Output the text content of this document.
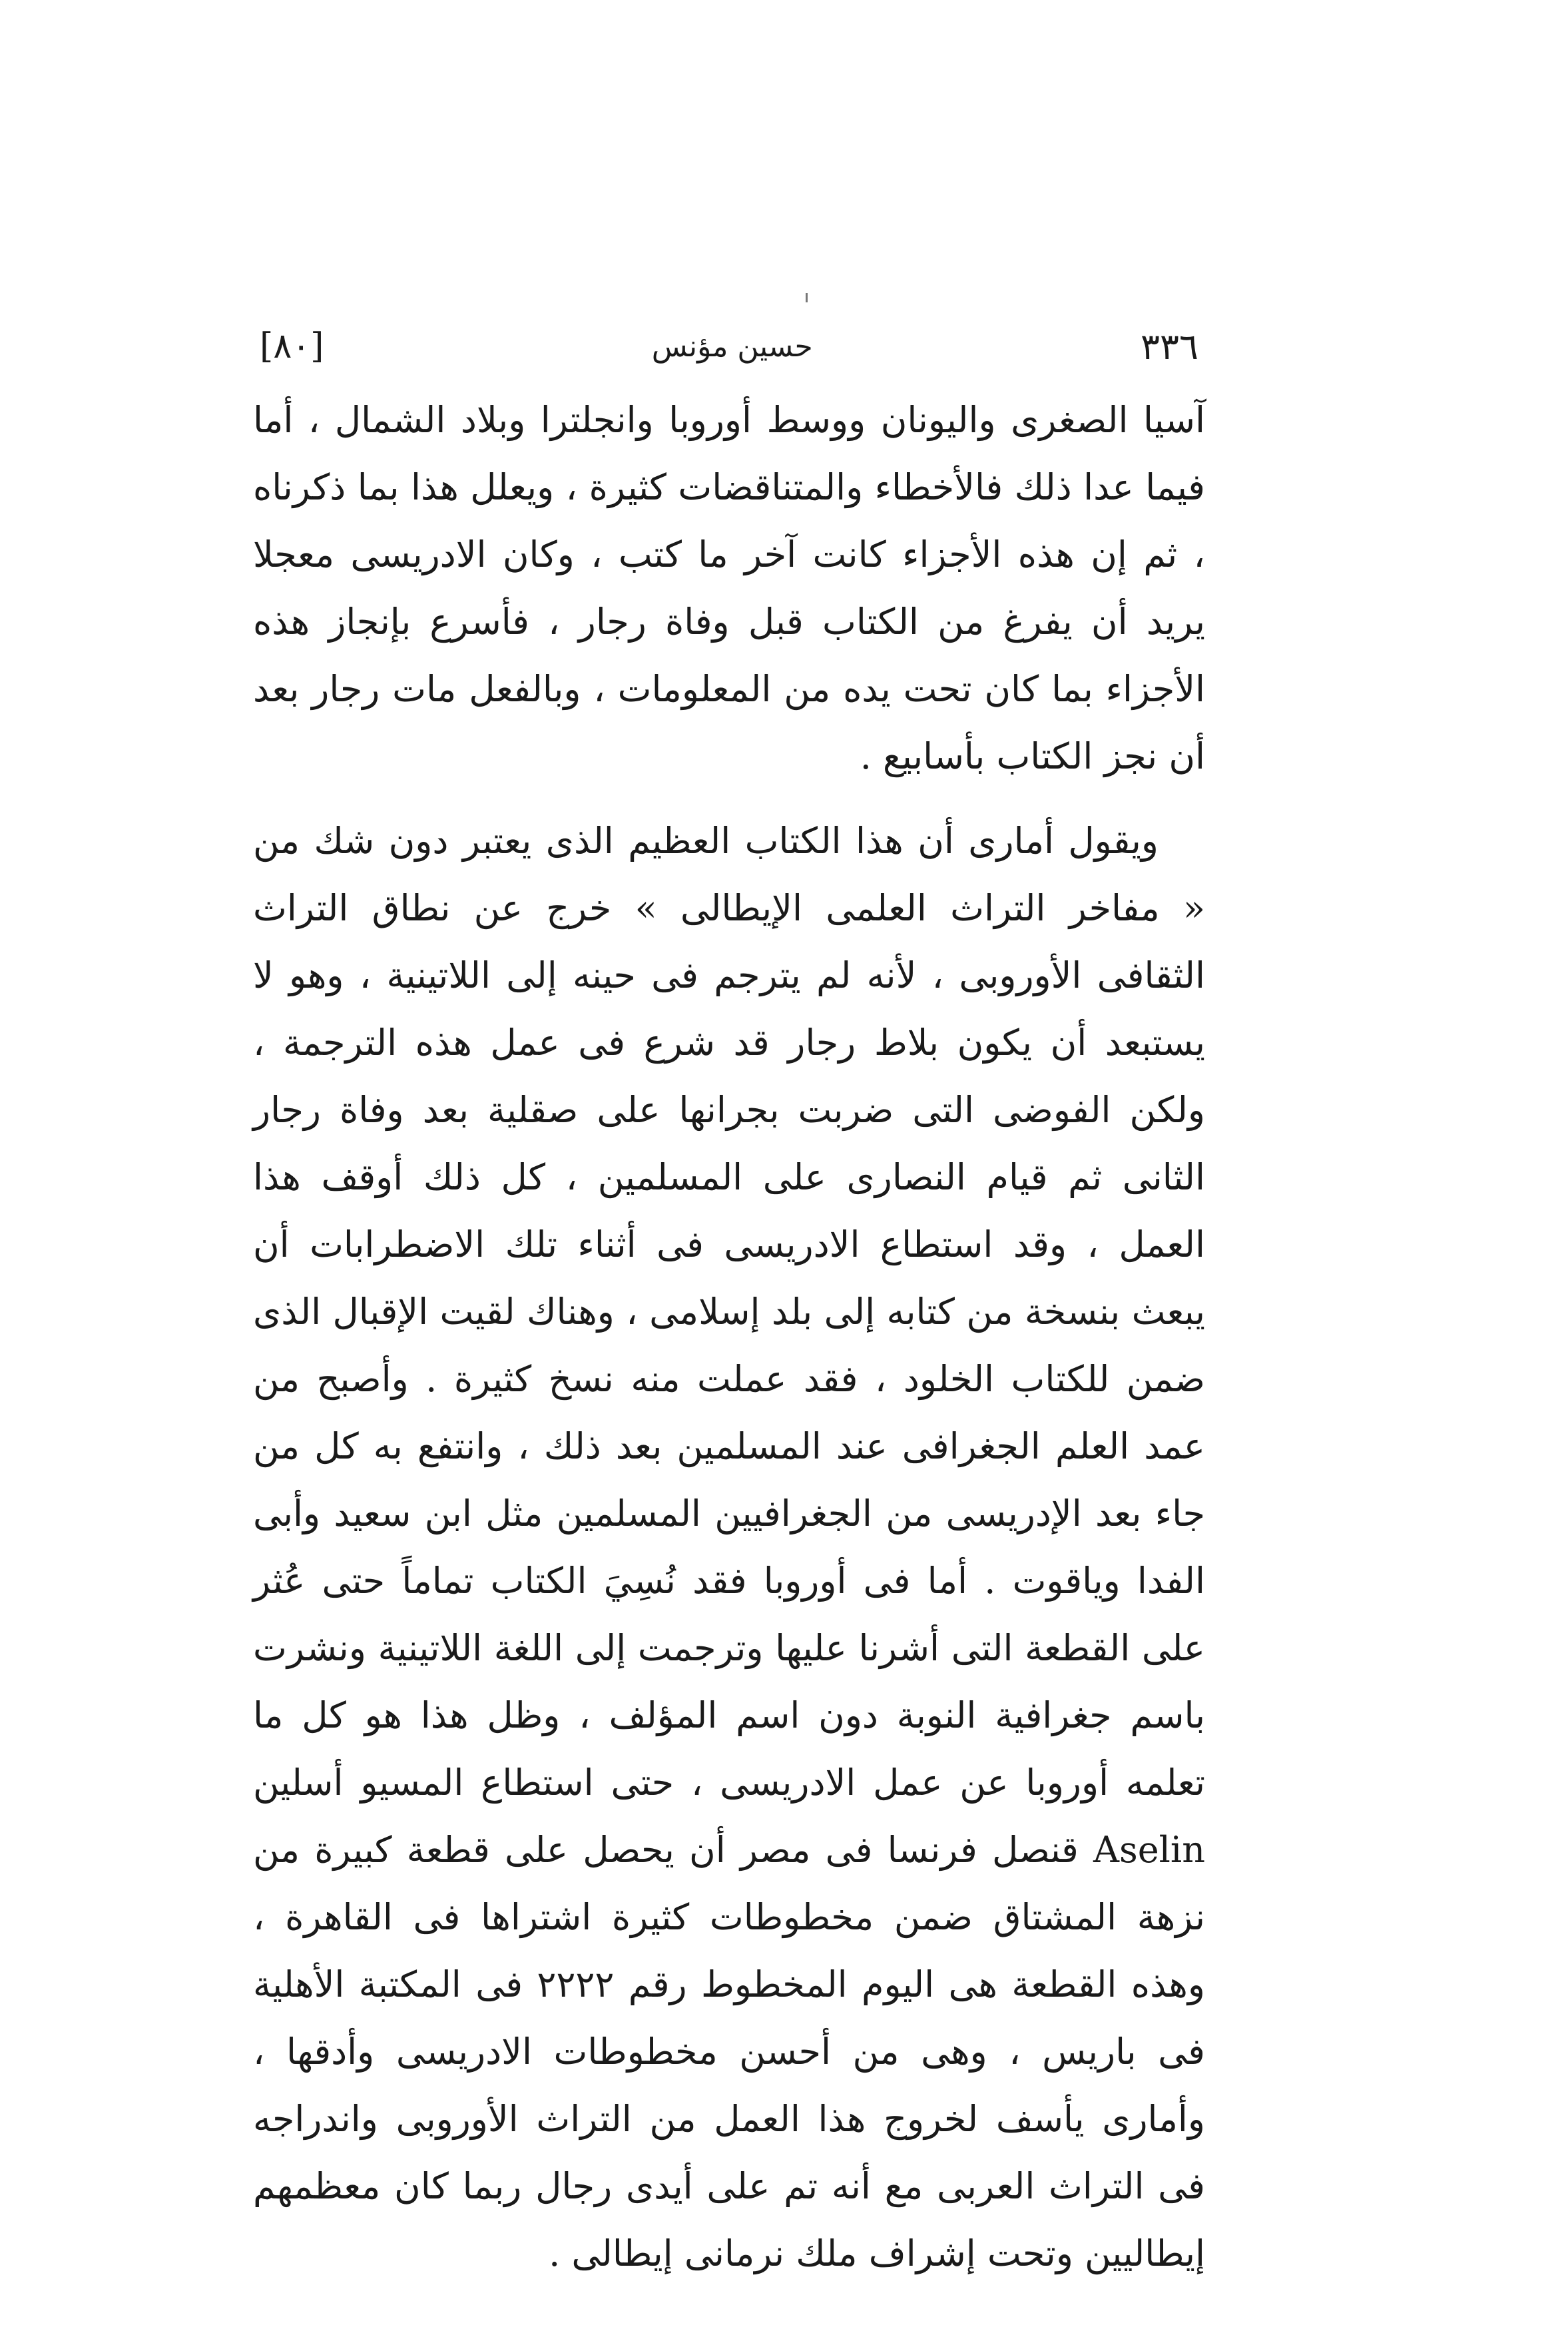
٣٣٦
حسين مؤنس
[٨٠]

آسيا الصغرى واليونان ووسط أوروبا وانجلترا وبلاد الشمال ، أما فيما عدا ذلك فالأخطاء والمتناقضات كثيرة ، ويعلل هذا بما ذكرناه ، ثم إن هذه الأجزاء كانت آخر ما كتب ، وكان الادريسى معجلا يريد أن يفرغ من الكتاب قبل وفاة رجار ، فأسرع بإنجاز هذه الأجزاء بما كان تحت يده من المعلومات ، وبالفعل مات رجار بعد أن نجز الكتاب بأسابيع .

ويقول أمارى أن هذا الكتاب العظيم الذى يعتبر دون شك من « مفاخر التراث العلمى الإيطالى » خرج عن نطاق التراث الثقافى الأوروبى ، لأنه لم يترجم فى حينه إلى اللاتينية ، وهو لا يستبعد أن يكون بلاط رجار قد شرع فى عمل هذه الترجمة ، ولكن الفوضى التى ضربت بجرانها على صقلية بعد وفاة رجار الثانى ثم قيام النصارى على المسلمين ، كل ذلك أوقف هذا العمل ، وقد استطاع الادريسى فى أثناء تلك الاضطرابات أن يبعث بنسخة من كتابه إلى بلد إسلامى ، وهناك لقيت الإقبال الذى ضمن للكتاب الخلود ، فقد عملت منه نسخ كثيرة . وأصبح من عمد العلم الجغرافى عند المسلمين بعد ذلك ، وانتفع به كل من جاء بعد الإدريسى من الجغرافيين المسلمين مثل ابن سعيد وأبى الفدا وياقوت . أما فى أوروبا فقد نُسِيَ الكتاب تماماً حتى عُثر على القطعة التى أشرنا عليها وترجمت إلى اللغة اللاتينية ونشرت باسم جغرافية النوبة دون اسم المؤلف ، وظل هذا هو كل ما تعلمه أوروبا عن عمل الادريسى ، حتى استطاع المسيو أسلين Aselin قنصل فرنسا فى مصر أن يحصل على قطعة كبيرة من نزهة المشتاق ضمن مخطوطات كثيرة اشتراها فى القاهرة ، وهذه القطعة هى اليوم المخطوط رقم ٢٢٢٢ فى المكتبة الأهلية فى باريس ، وهى من أحسن مخطوطات الادريسى وأدقها ، وأمارى يأسف لخروج هذا العمل من التراث الأوروبى واندراجه فى التراث العربى مع أنه تم على أيدى رجال ربما كان معظمهم إيطاليين وتحت إشراف ملك نرمانى إيطالى .
